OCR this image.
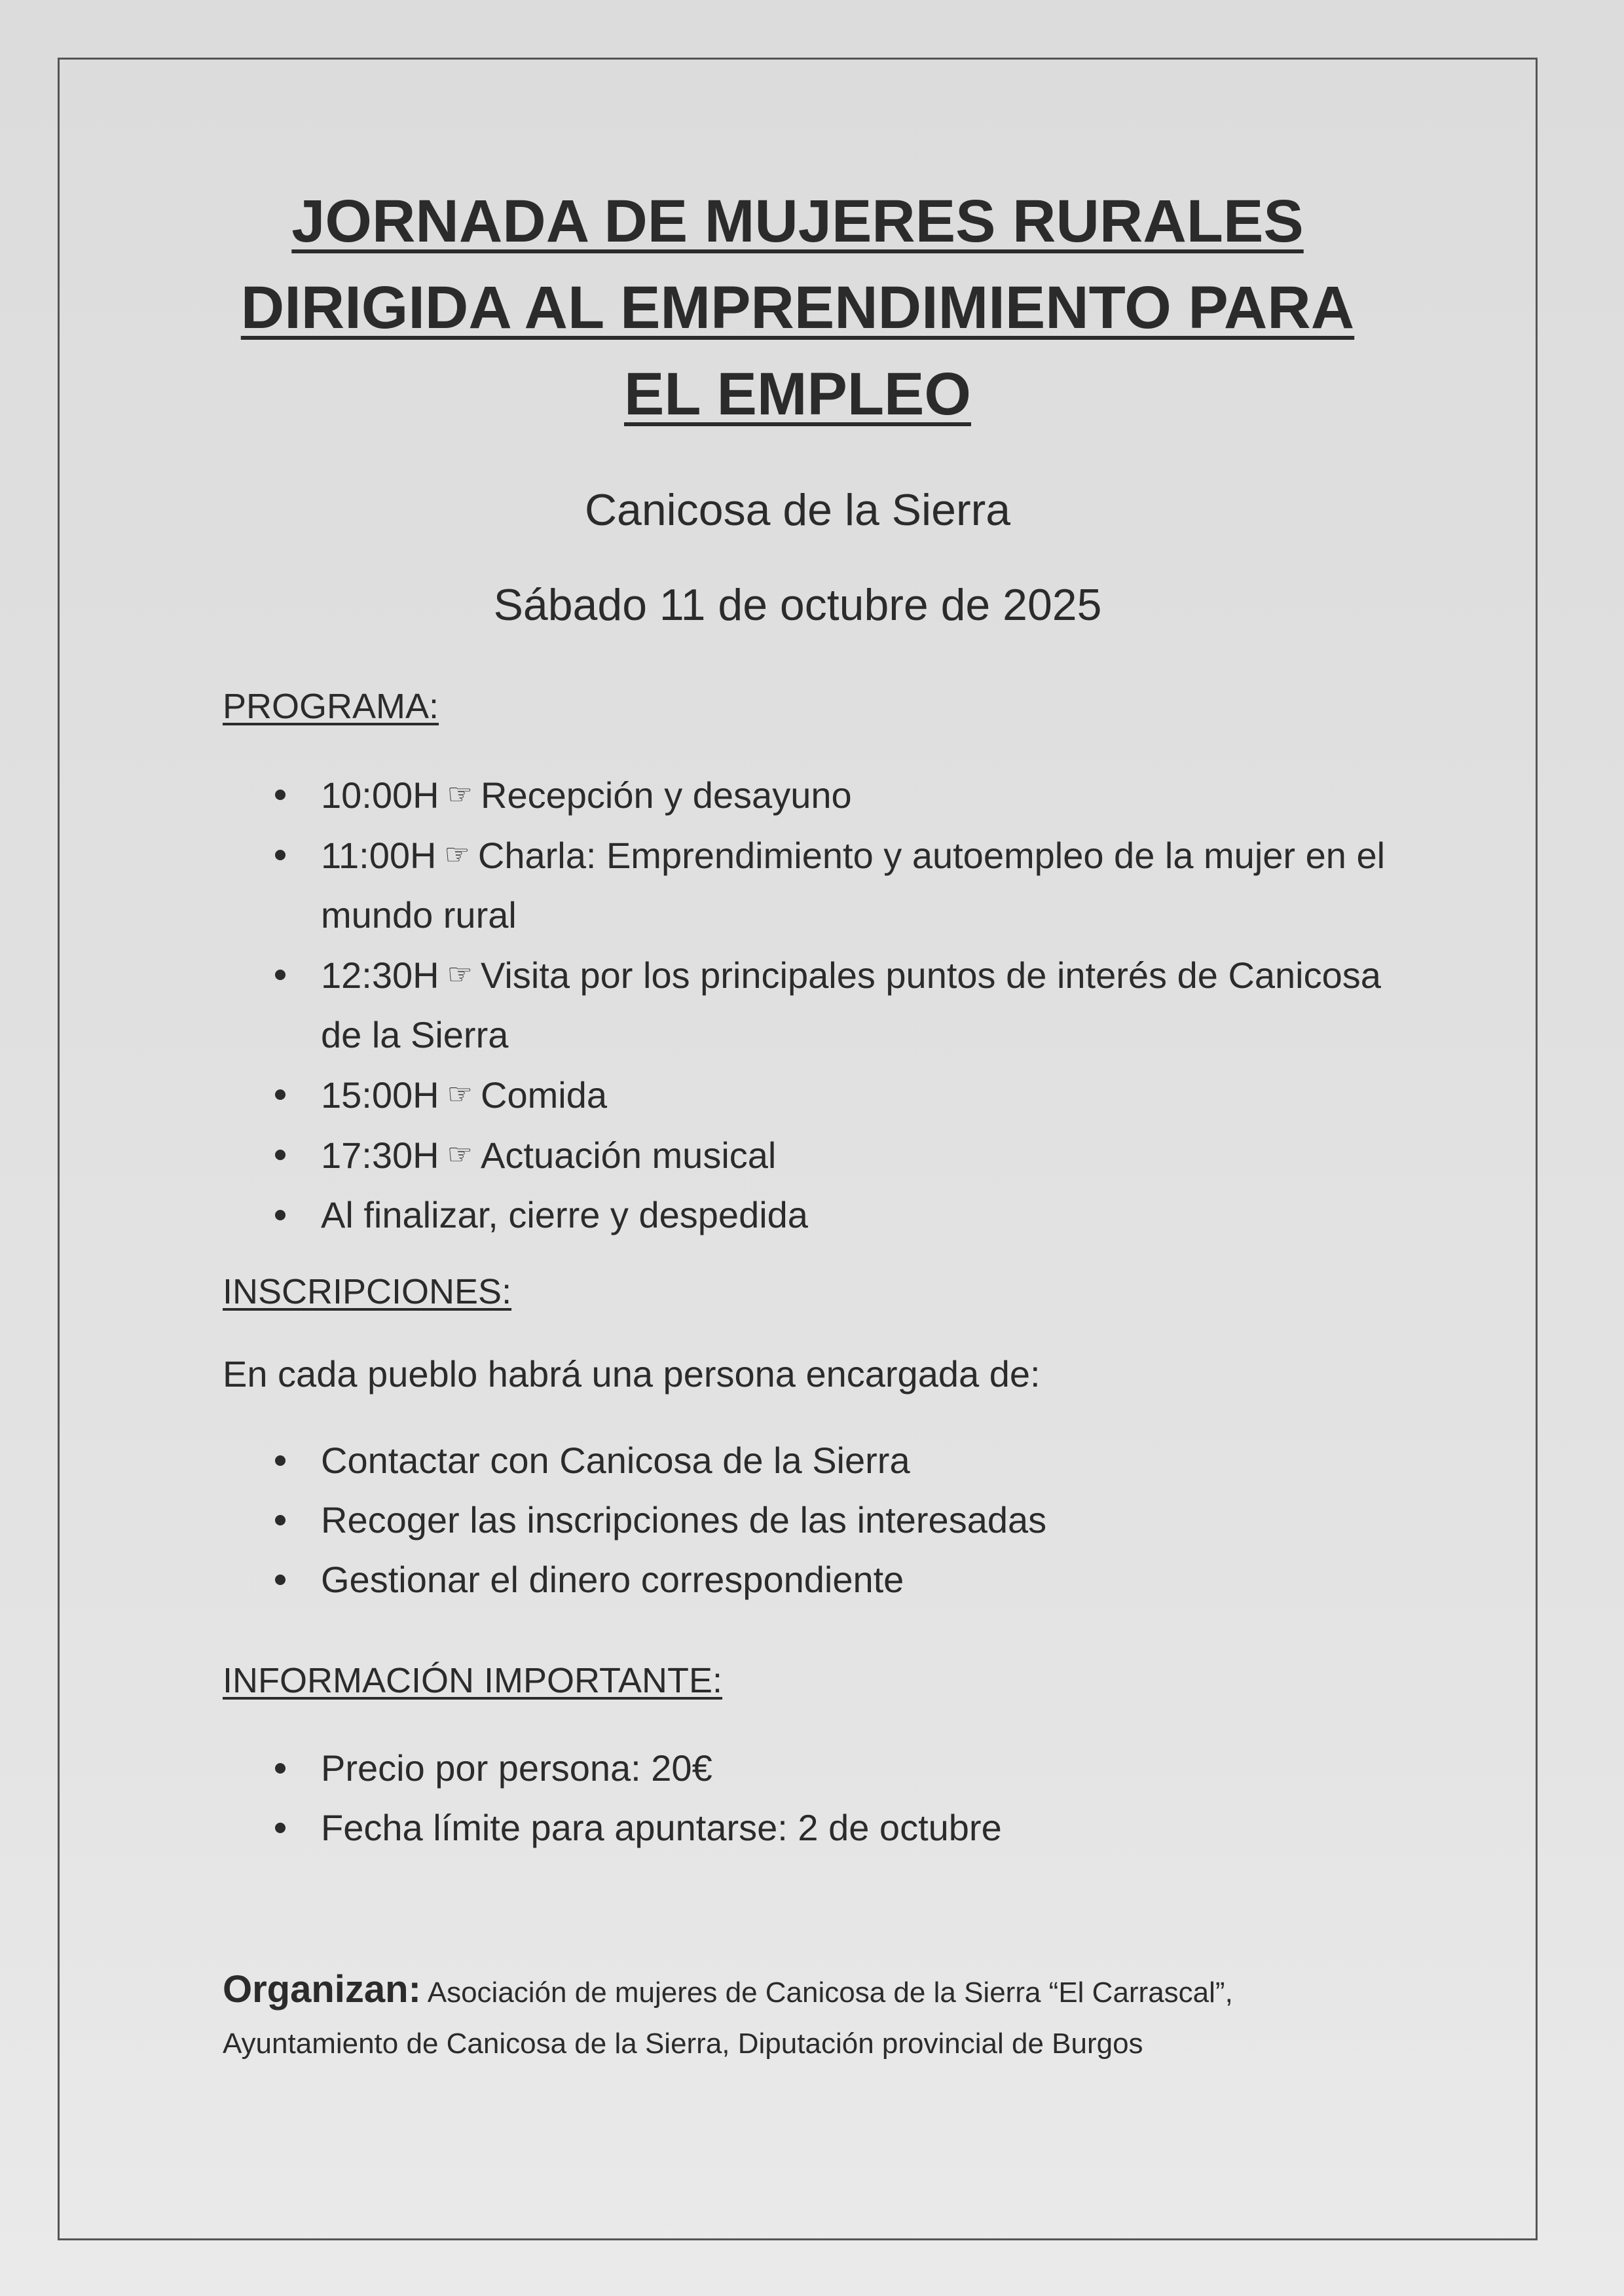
JORNADA DE MUJERES RURALES
DIRIGIDA AL EMPRENDIMIENTO PARA
EL EMPLEO
Canicosa de la Sierra
Sábado 11 de octubre de 2025
PROGRAMA:
10:00H ☞ Recepción y desayuno
11:00H ☞ Charla: Emprendimiento y autoempleo de la mujer en el mundo rural
12:30H ☞ Visita por los principales puntos de interés de Canicosa de la Sierra
15:00H ☞ Comida
17:30H ☞ Actuación musical
Al finalizar, cierre y despedida
INSCRIPCIONES:
En cada pueblo habrá una persona encargada de:
Contactar con Canicosa de la Sierra
Recoger las inscripciones de las interesadas
Gestionar el dinero correspondiente
INFORMACIÓN IMPORTANTE:
Precio por persona: 20€
Fecha límite para apuntarse: 2 de octubre
Organizan: Asociación de mujeres de Canicosa de la Sierra “El Carrascal”,
Ayuntamiento de Canicosa de la Sierra, Diputación provincial de Burgos
